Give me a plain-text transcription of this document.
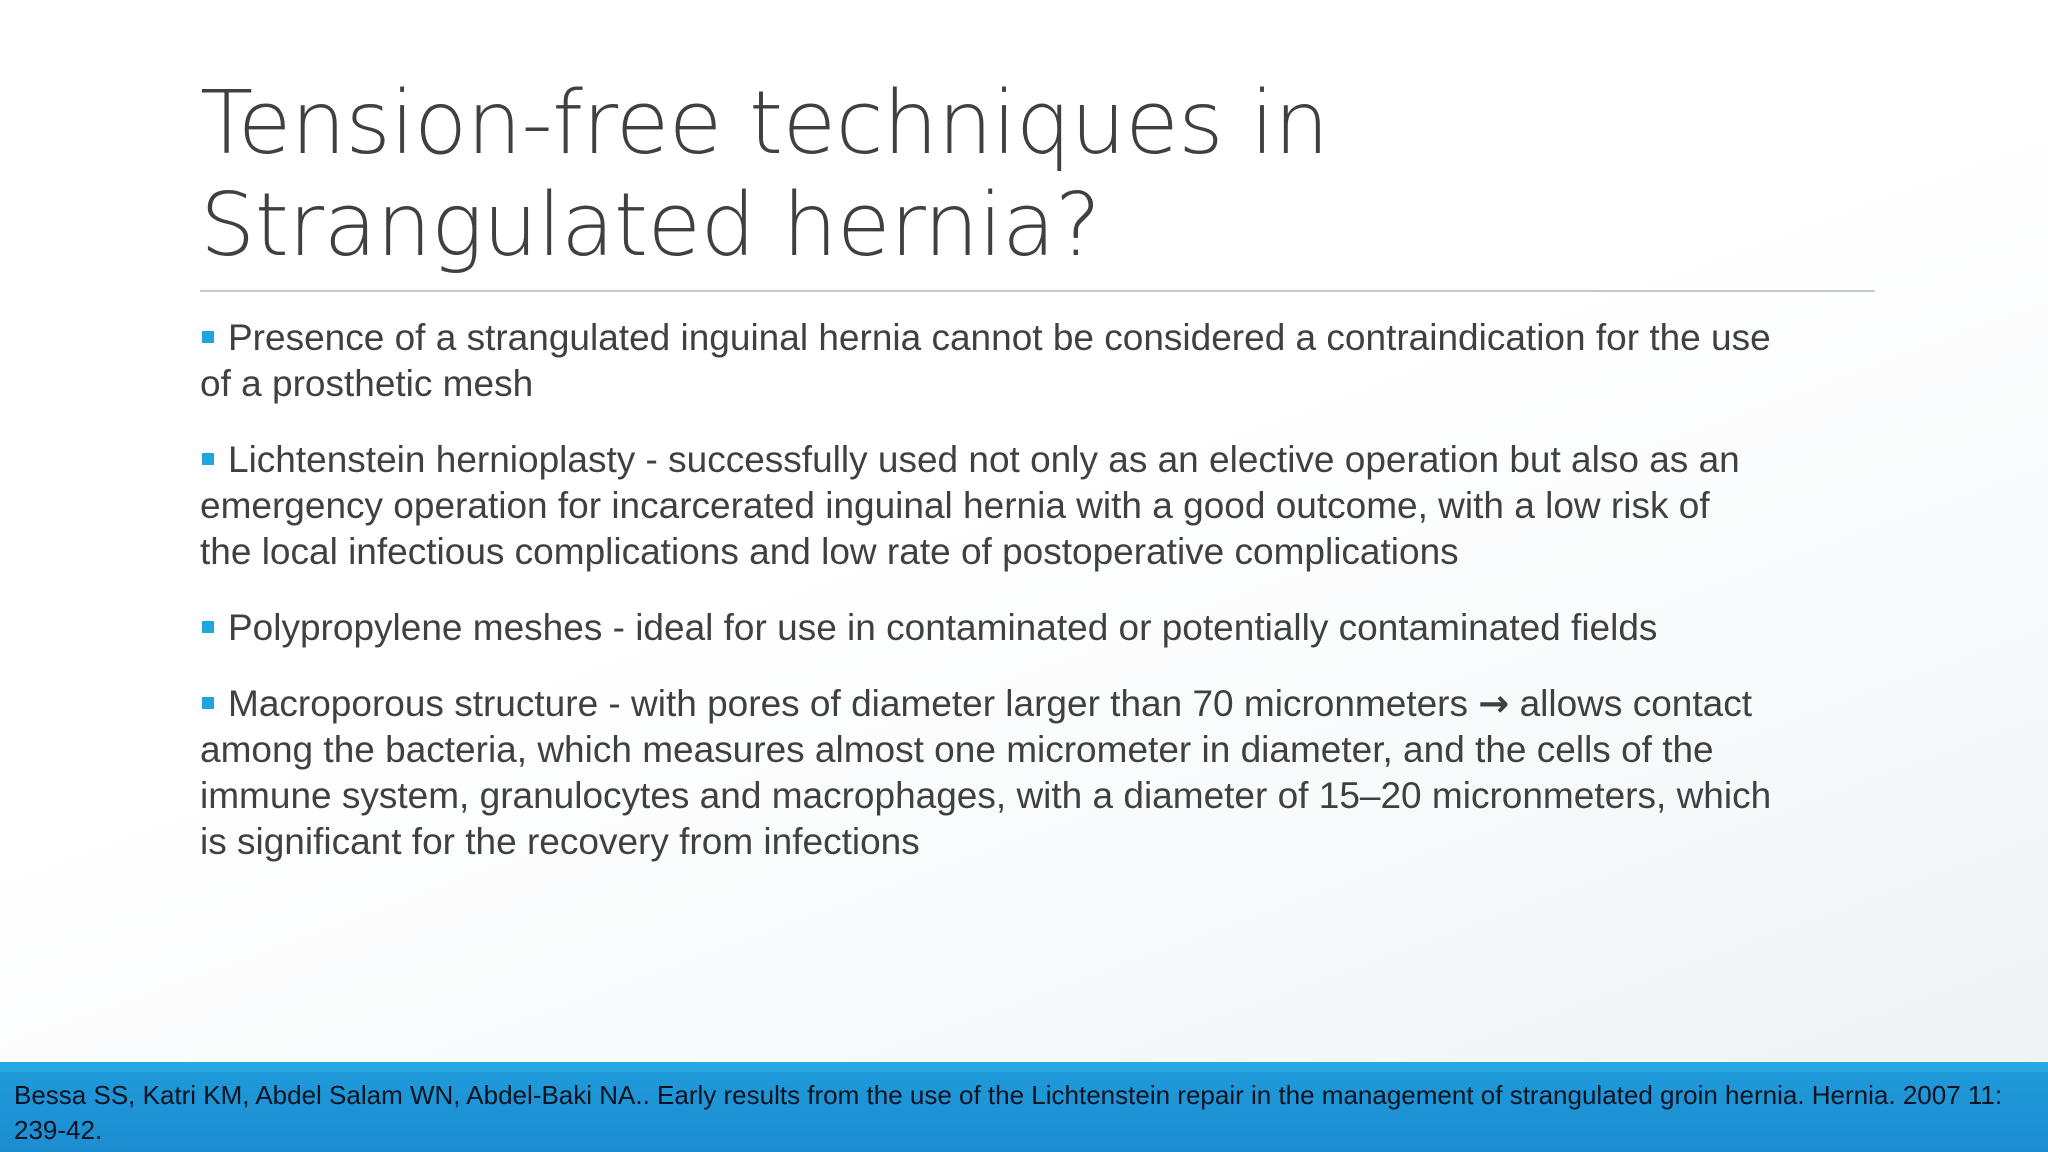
Tension-free techniques in Strangulated hernia?
Presence of a strangulated inguinal hernia cannot be considered a contraindication for the use
of a prosthetic mesh
Lichtenstein hernioplasty - successfully used not only as an elective operation but also as an
emergency operation for incarcerated inguinal hernia with a good outcome, with a low risk of
the local infectious complications and low rate of postoperative complications
Polypropylene meshes - ideal for use in contaminated or potentially contaminated fields
Macroporous structure - with pores of diameter larger than 70 micronmeters → allows contact
among the bacteria, which measures almost one micrometer in diameter, and the cells of the
immune system, granulocytes and macrophages, with a diameter of 15–20 micronmeters, which
is significant for the recovery from infections
Bessa SS, Katri KM, Abdel Salam WN, Abdel-Baki NA.. Early results from the use of the Lichtenstein repair in the management of strangulated groin hernia. Hernia. 2007 11: 239-42.
